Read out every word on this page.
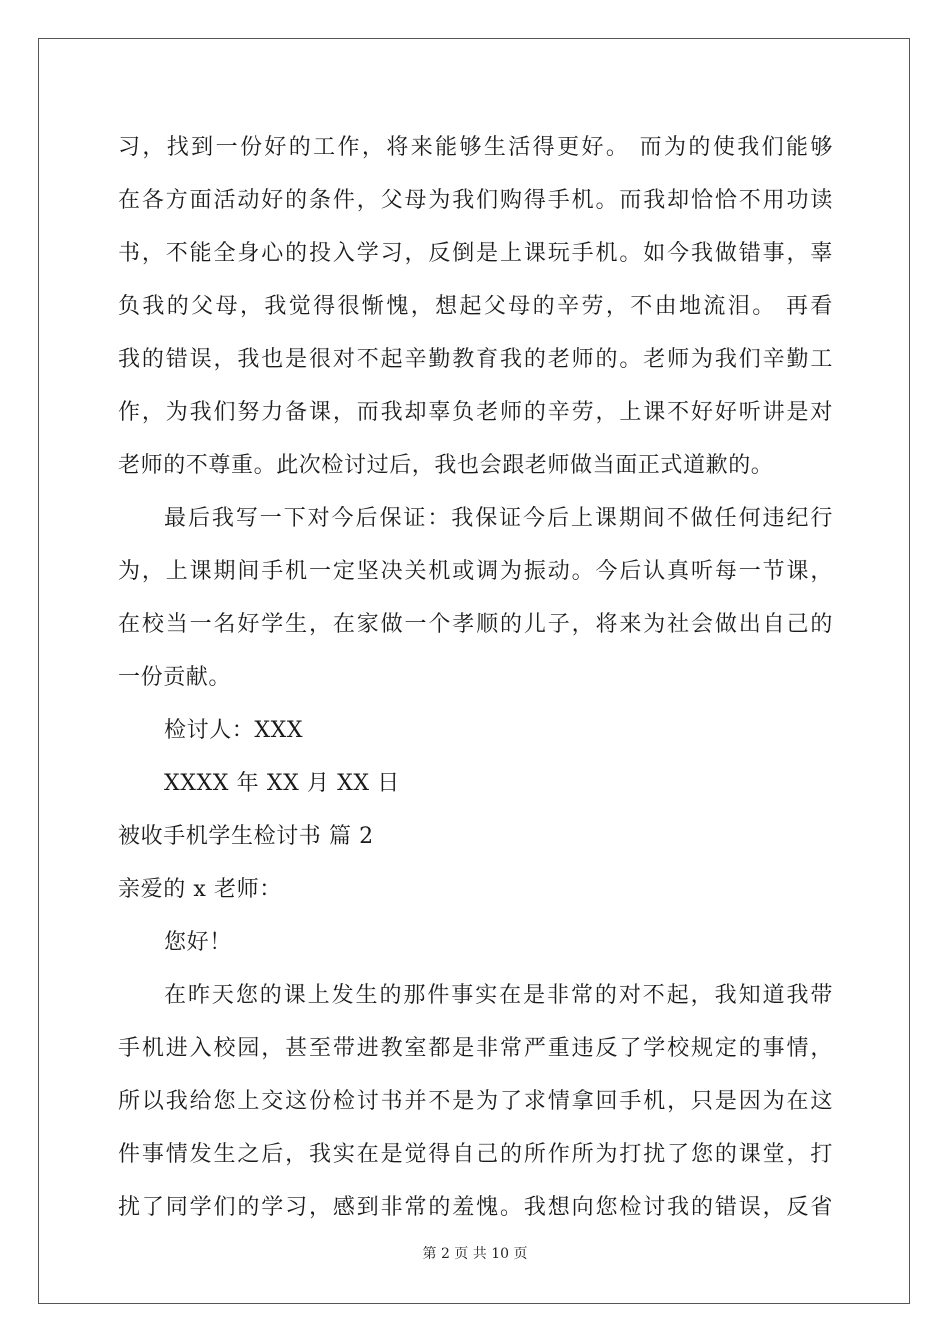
习，找到一份好的工作，将来能够生活得更好。 而为的使我们能够
在各方面活动好的条件，父母为我们购得手机。而我却恰恰不用功读
书，不能全身心的投入学习，反倒是上课玩手机。如今我做错事，辜
负我的父母，我觉得很惭愧，想起父母的辛劳，不由地流泪。 再看
我的错误，我也是很对不起辛勤教育我的老师的。老师为我们辛勤工
作，为我们努力备课，而我却辜负老师的辛劳，上课不好好听讲是对
老师的不尊重。此次检讨过后，我也会跟老师做当面正式道歉的。
最后我写一下对今后保证：我保证今后上课期间不做任何违纪行
为，上课期间手机一定坚决关机或调为振动。今后认真听每一节课，
在校当一名好学生，在家做一个孝顺的儿子，将来为社会做出自己的
一份贡献。
检讨人：XXX
XXXX 年 XX 月 XX 日
被收手机学生检讨书 篇 2
亲爱的 x 老师：
您好！
在昨天您的课上发生的那件事实在是非常的对不起，我知道我带
手机进入校园，甚至带进教室都是非常严重违反了学校规定的事情，
所以我给您上交这份检讨书并不是为了求情拿回手机，只是因为在这
件事情发生之后，我实在是觉得自己的所作所为打扰了您的课堂，打
扰了同学们的学习，感到非常的羞愧。我想向您检讨我的错误，反省
第 2 页 共 10 页
